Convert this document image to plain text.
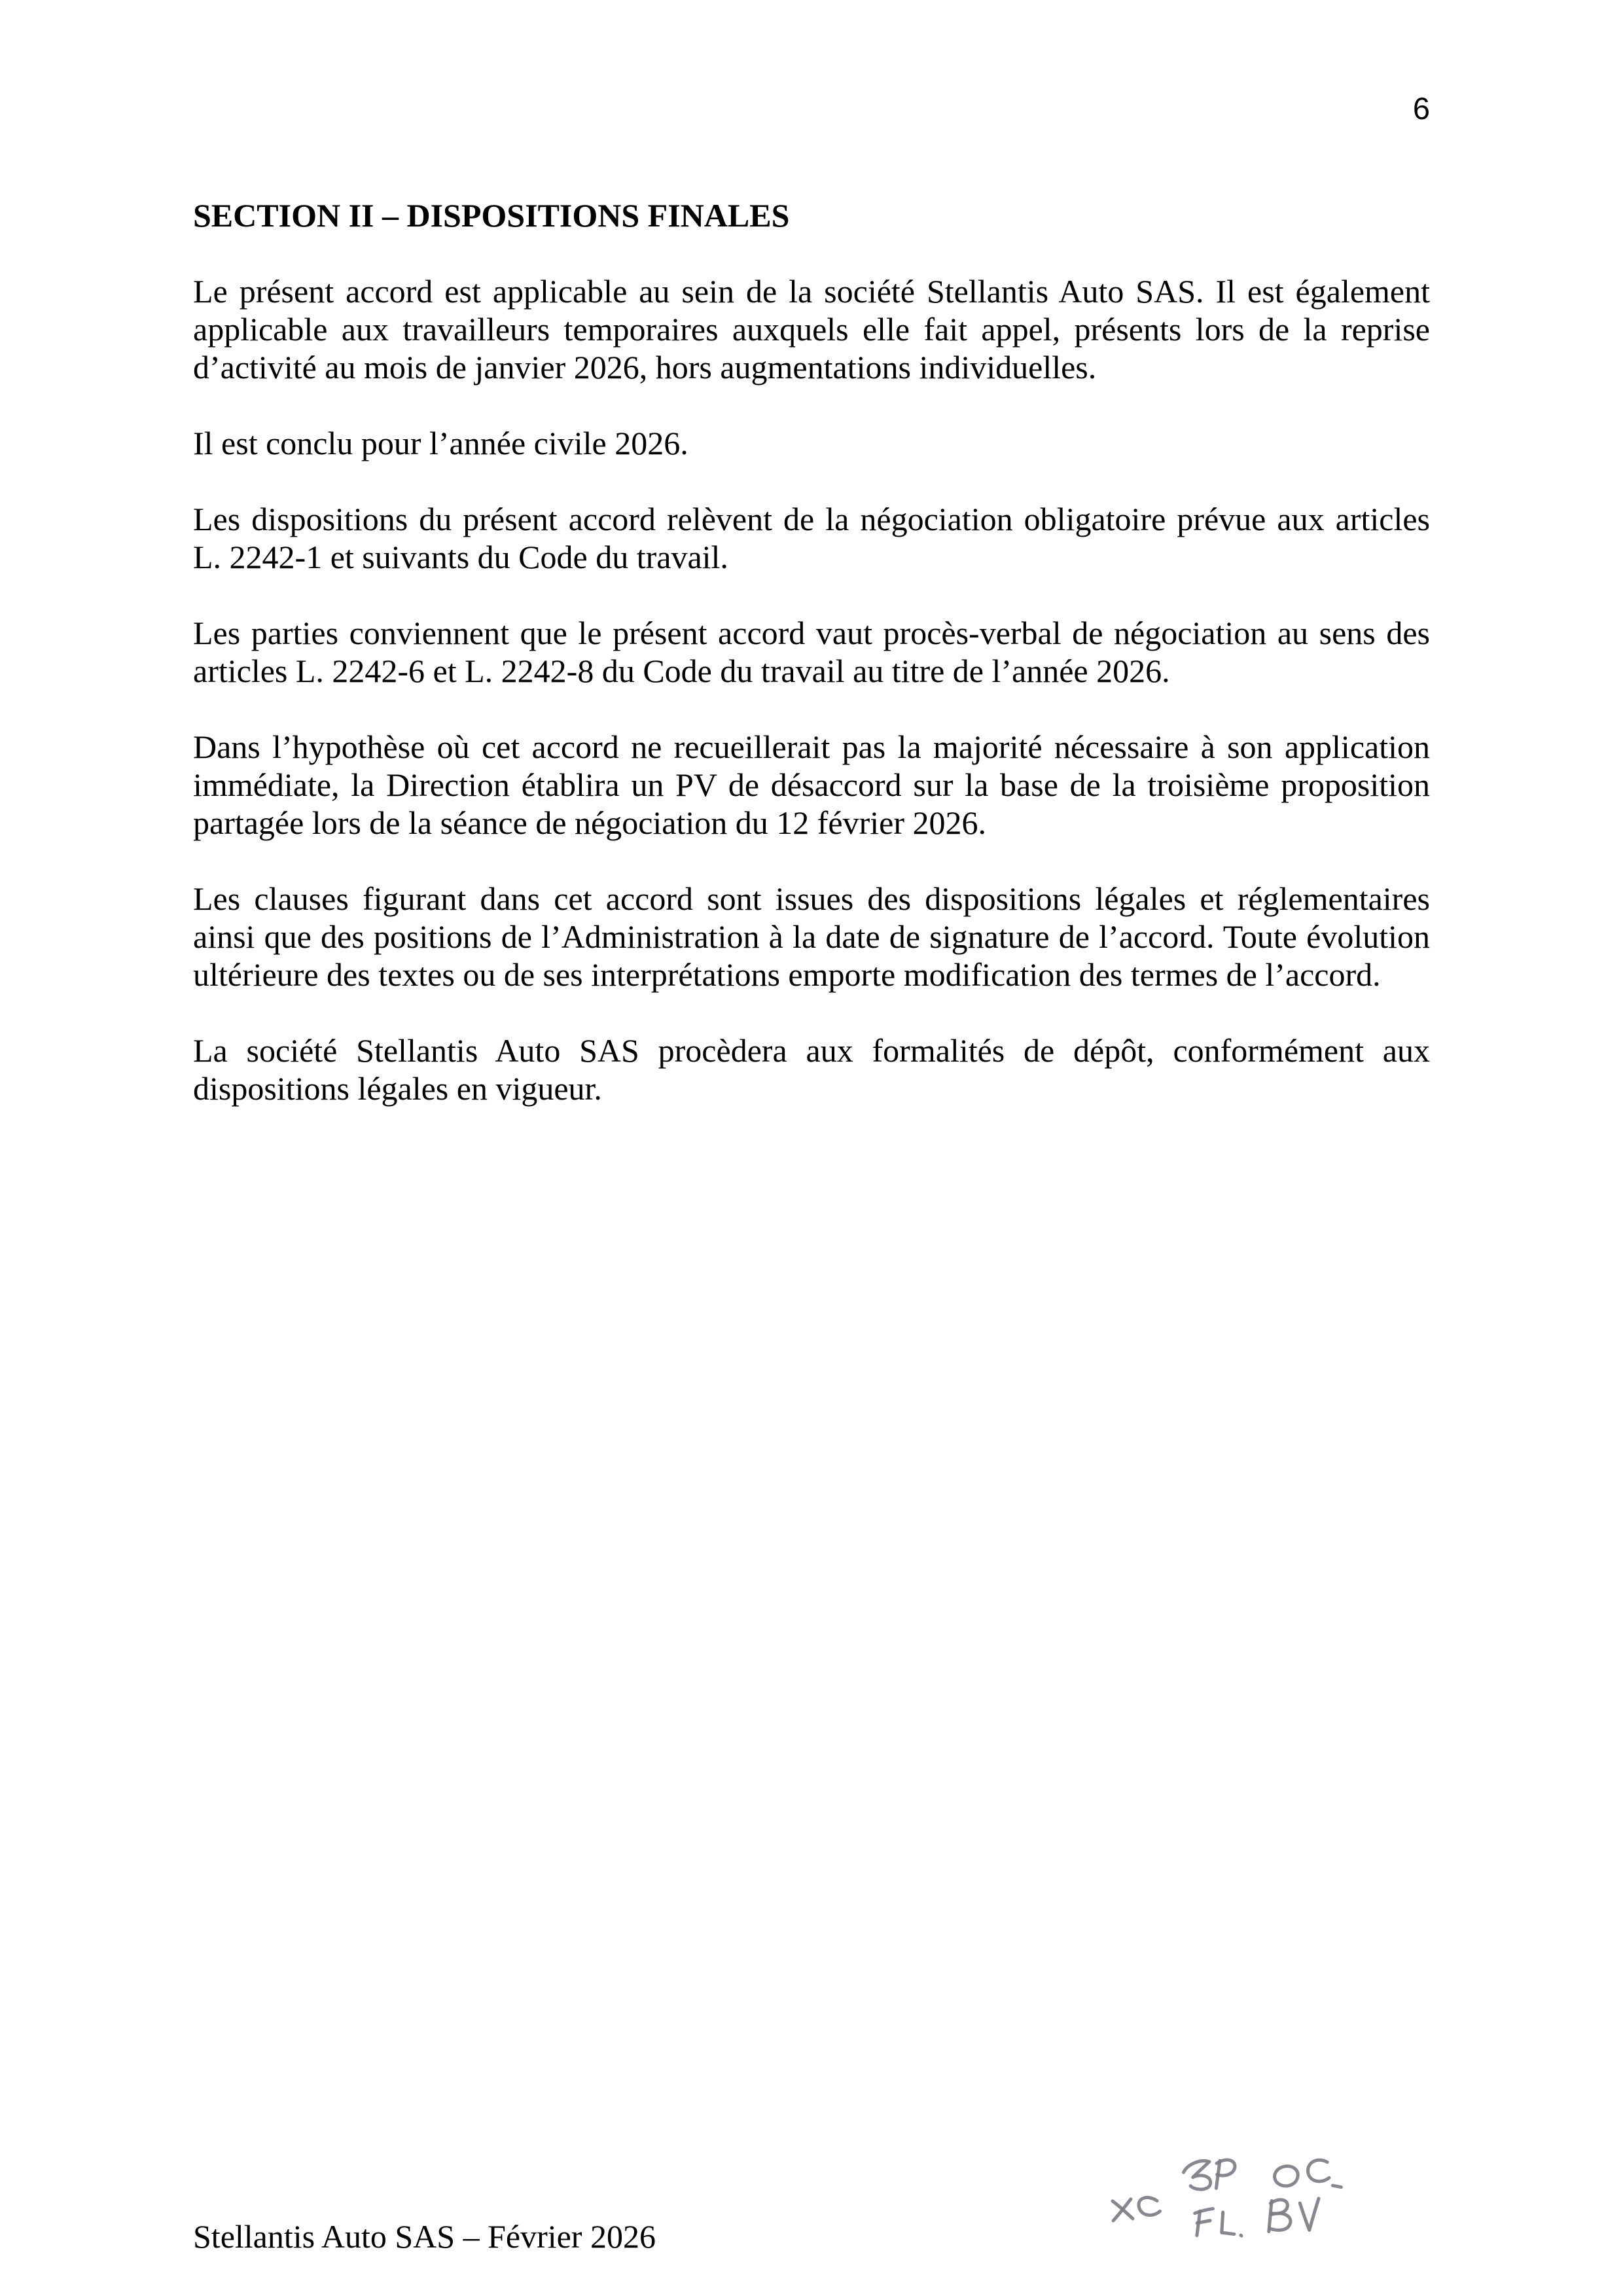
6
SECTION II – DISPOSITIONS FINALES

Le présent accord est applicable au sein de la société Stellantis Auto SAS. Il est également applicable aux travailleurs temporaires auxquels elle fait appel, présents lors de la reprise d’activité au mois de janvier 2026, hors augmentations individuelles.

Il est conclu pour l’année civile 2026.

Les dispositions du présent accord relèvent de la négociation obligatoire prévue aux articles L. 2242-1 et suivants du Code du travail.

Les parties conviennent que le présent accord vaut procès-verbal de négociation au sens des articles L. 2242-6 et L. 2242-8 du Code du travail au titre de l’année 2026.

Dans l’hypothèse où cet accord ne recueillerait pas la majorité nécessaire à son application immédiate, la Direction établira un PV de désaccord sur la base de la troisième proposition partagée lors de la séance de négociation du 12 février 2026.

Les clauses figurant dans cet accord sont issues des dispositions légales et réglementaires ainsi que des positions de l’Administration à la date de signature de l’accord. Toute évolution ultérieure des textes ou de ses interprétations emporte modification des termes de l’accord.

La société Stellantis Auto SAS procèdera aux formalités de dépôt, conformément aux dispositions légales en vigueur.

Stellantis Auto SAS – Février 2026
